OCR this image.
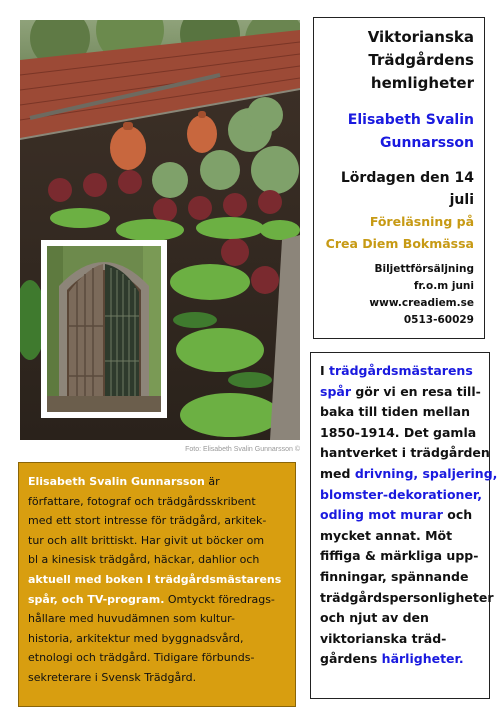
Foto: Elisabeth Svalin Gunnarsson ©
Viktorianska
Trädgårdens
hemligheter
Elisabeth Svalin
Gunnarsson
Lördagen den 14 juli
Föreläsning på
Crea Diem Bokmässa
Biljettförsäljning
fr.o.m juni
www.creadiem.se
0513-60029
I trädgårdsmästarens
spår gör vi en resa till-
baka till tiden mellan
1850-1914. Det gamla
hantverket i trädgården
med drivning, spaljering,
blomster-dekorationer,
odling mot murar och
mycket annat. Möt
fiffiga & märkliga upp-
finningar, spännande
trädgårdspersonligheter
och njut av den
viktorianska träd-
gårdens härligheter.
Elisabeth Svalin Gunnarsson är
författare, fotograf och trädgårdsskribent
med ett stort intresse för trädgård, arkitek-
tur och allt brittiskt. Har givit ut böcker om
bl a kinesisk trädgård, häckar, dahlior och
aktuell med boken I trädgårdsmästarens
spår, och TV-program. Omtyckt föredrags-
hållare med huvudämnen som kultur-
historia, arkitektur med byggnadsvård,
etnologi och trädgård. Tidigare förbunds-
sekreterare i Svensk Trädgård.
